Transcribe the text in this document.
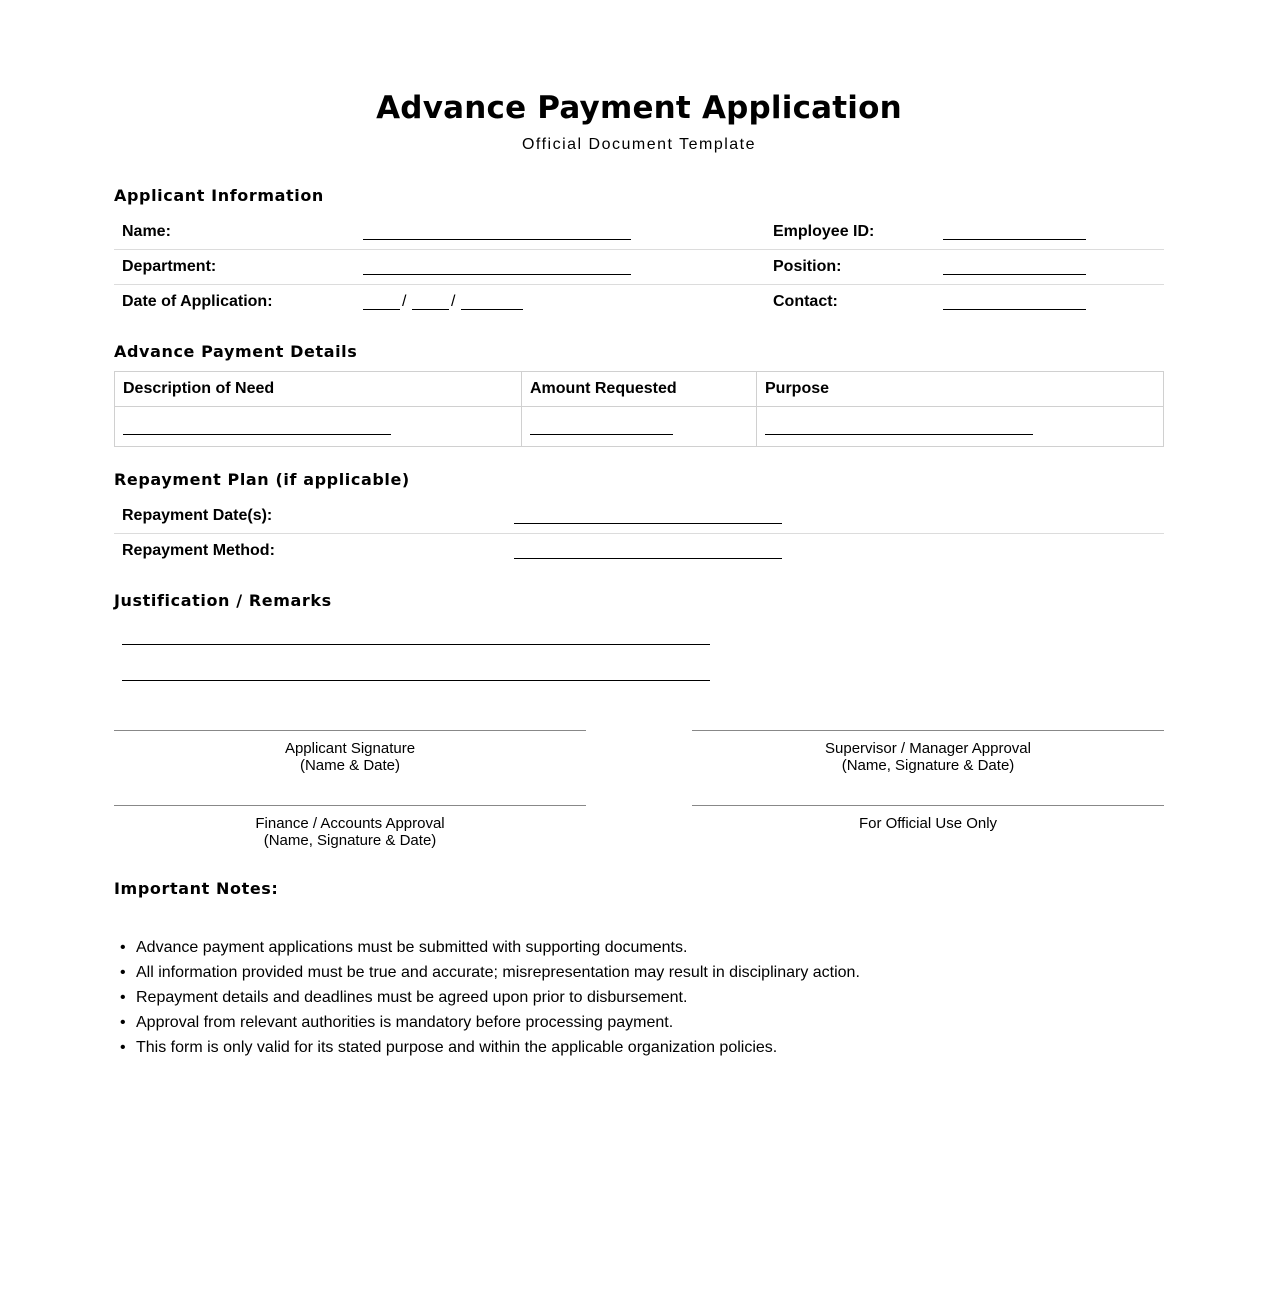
Advance Payment Application
Official Document Template
Applicant Information
Name:	Employee ID:
Department:	Position:
Date of Application:	/	/	Contact:
Advance Payment Details
Description of Need	Amount Requested	Purpose

Repayment Plan (if applicable)
Repayment Date(s):
Repayment Method:
Justification / Remarks
Applicant Signature
(Name & Date)
Supervisor / Manager Approval
(Name, Signature & Date)
Finance / Accounts Approval
(Name, Signature & Date)
For Official Use Only
Important Notes:
• Advance payment applications must be submitted with supporting documents.
• All information provided must be true and accurate; misrepresentation may result in disciplinary action.
• Repayment details and deadlines must be agreed upon prior to disbursement.
• Approval from relevant authorities is mandatory before processing payment.
• This form is only valid for its stated purpose and within the applicable organization policies.
